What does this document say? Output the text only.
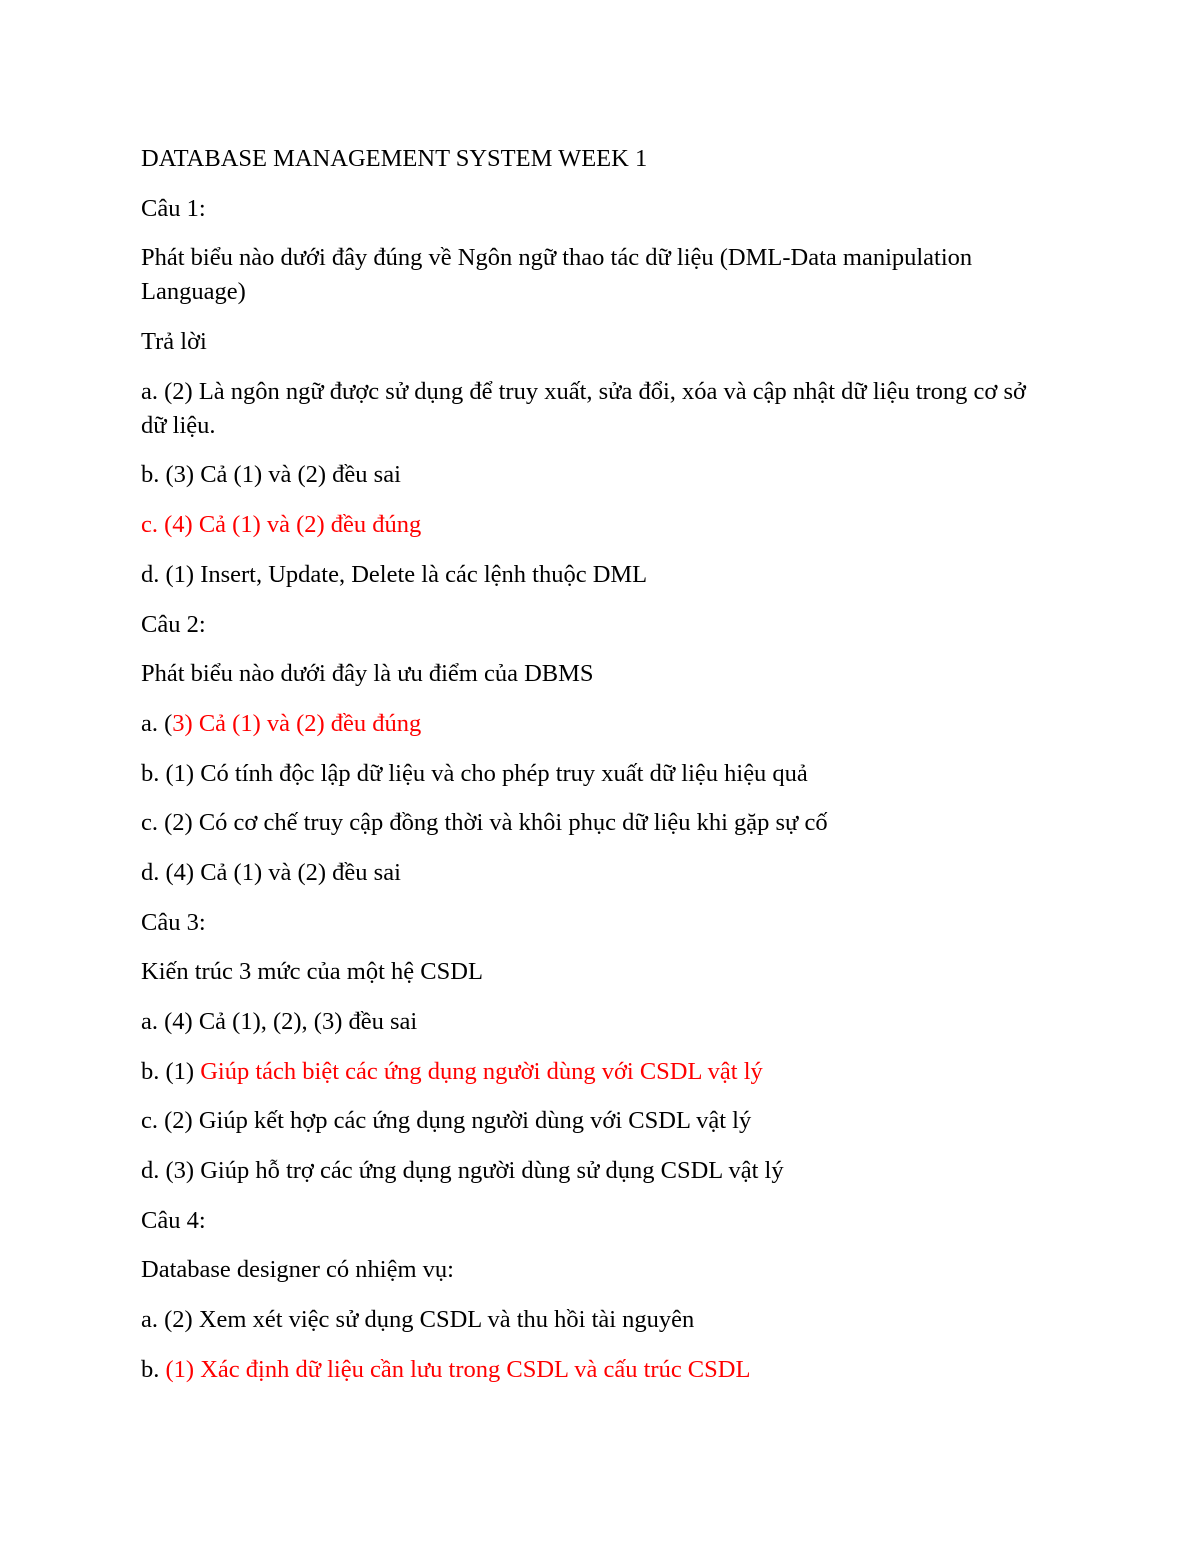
DATABASE MANAGEMENT SYSTEM WEEK 1

Câu 1:

Phát biểu nào dưới đây đúng về Ngôn ngữ thao tác dữ liệu (DML-Data manipulation Language)

Trả lời

a. (2) Là ngôn ngữ được sử dụng để truy xuất, sửa đổi, xóa và cập nhật dữ liệu trong cơ sở dữ liệu.

b. (3) Cả (1) và (2) đều sai

c. (4) Cả (1) và (2) đều đúng

d. (1) Insert, Update, Delete là các lệnh thuộc DML

Câu 2:

Phát biểu nào dưới đây là ưu điểm của DBMS

a. (3) Cả (1) và (2) đều đúng

b. (1) Có tính độc lập dữ liệu và cho phép truy xuất dữ liệu hiệu quả

c. (2) Có cơ chế truy cập đồng thời và khôi phục dữ liệu khi gặp sự cố

d. (4) Cả (1) và (2) đều sai

Câu 3:

Kiến trúc 3 mức của một hệ CSDL

a. (4) Cả (1), (2), (3) đều sai

b. (1) Giúp tách biệt các ứng dụng người dùng với CSDL vật lý

c. (2) Giúp kết hợp các ứng dụng người dùng với CSDL vật lý

d. (3) Giúp hỗ trợ các ứng dụng người dùng sử dụng CSDL vật lý

Câu 4:

Database designer có nhiệm vụ:

a. (2) Xem xét việc sử dụng CSDL và thu hồi tài nguyên

b. (1) Xác định dữ liệu cần lưu trong CSDL và cấu trúc CSDL
